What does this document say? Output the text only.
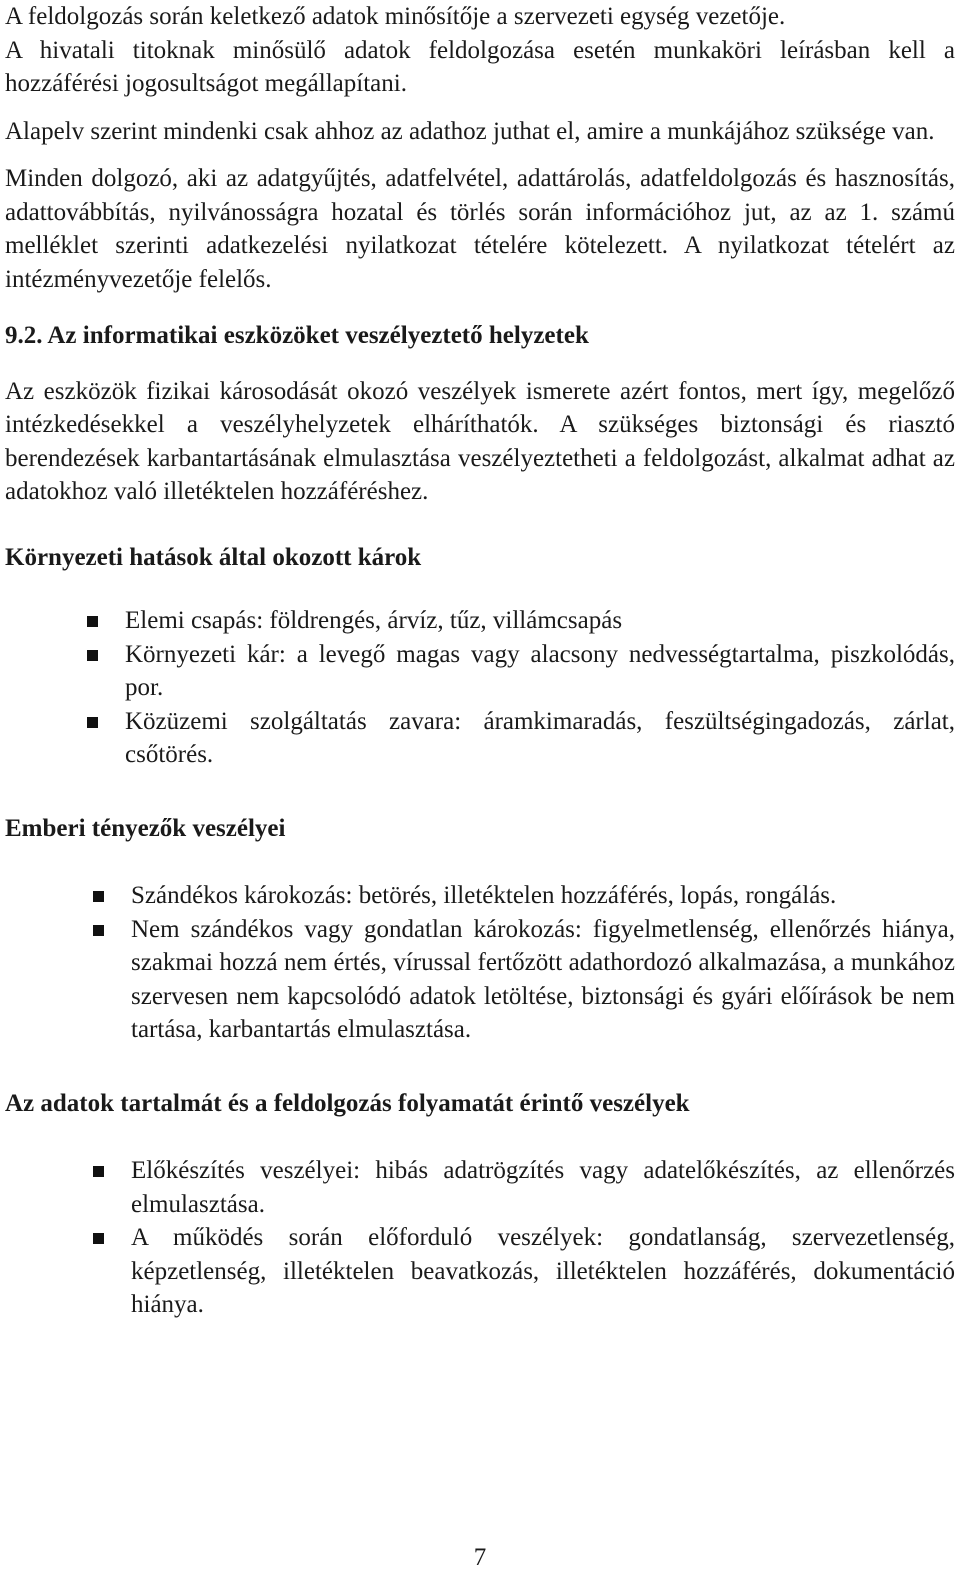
A feldolgozás során keletkező adatok minősítője a szervezeti egység vezetője.

A hivatali titoknak minősülő adatok feldolgozása esetén munkaköri leírásban kell a hozzáférési jogosultságot megállapítani.

Alapelv szerint mindenki csak ahhoz az adathoz juthat el, amire a munkájához szüksége van.

Minden dolgozó, aki az adatgyűjtés, adatfelvétel, adattárolás, adatfeldolgozás és hasznosítás, adattovábbítás, nyilvánosságra hozatal és törlés során információhoz jut, az az 1. számú melléklet szerinti adatkezelési nyilatkozat tételére kötelezett. A nyilatkozat tételért az intézményvezetője felelős.

9.2. Az informatikai eszközöket veszélyeztető helyzetek

Az eszközök fizikai károsodását okozó veszélyek ismerete azért fontos, mert így, megelőző intézkedésekkel a veszélyhelyzetek elháríthatók. A szükséges biztonsági és riasztó berendezések karbantartásának elmulasztása veszélyeztetheti a feldolgozást, alkalmat adhat az adatokhoz való illetéktelen hozzáféréshez.

Környezeti hatások által okozott károk
Elemi csapás: földrengés, árvíz, tűz, villámcsapás
Környezeti kár: a levegő magas vagy alacsony nedvességtartalma, piszkolódás, por.
Közüzemi szolgáltatás zavara: áramkimaradás, feszültségingadozás, zárlat, csőtörés.
Emberi tényezők veszélyei
Szándékos károkozás: betörés, illetéktelen hozzáférés, lopás, rongálás.
Nem szándékos vagy gondatlan károkozás: figyelmetlenség, ellenőrzés hiánya, szakmai hozzá nem értés, vírussal fertőzött adathordozó alkalmazása, a munkához szervesen nem kapcsolódó adatok letöltése, biztonsági és gyári előírások be nem tartása, karbantartás elmulasztása.
Az adatok tartalmát és a feldolgozás folyamatát érintő veszélyek
Előkészítés veszélyei: hibás adatrögzítés vagy adatelőkészítés, az ellenőrzés elmulasztása.
A működés során előforduló veszélyek: gondatlanság, szervezetlenség, képzetlenség, illetéktelen beavatkozás, illetéktelen hozzáférés, dokumentáció hiánya.
7
